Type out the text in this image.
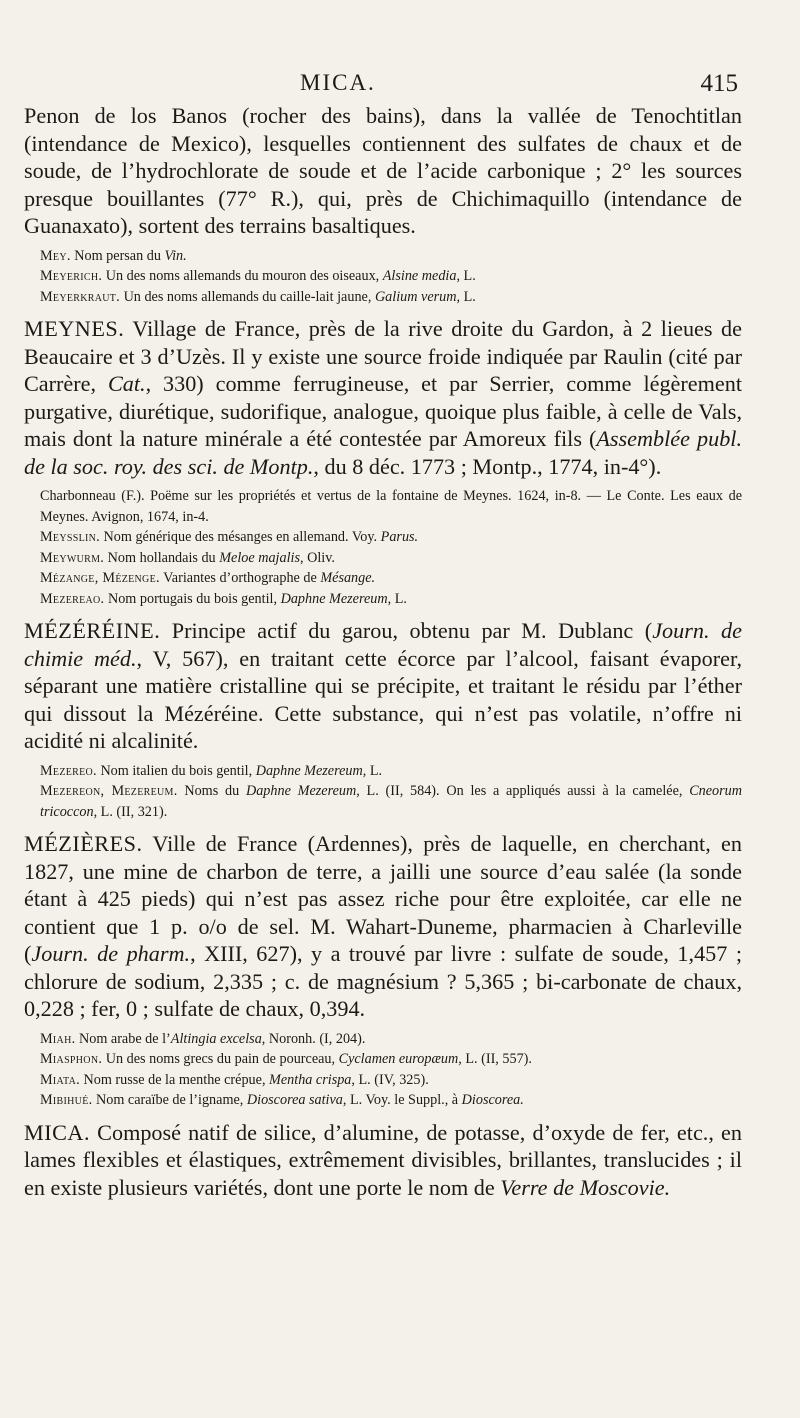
MICA.	415

Penon de los Banos (rocher des bains), dans la vallée de Tenochtitlan (intendance de Mexico), lesquelles contiennent des sulfates de chaux et de soude, de l’hydrochlorate de soude et de l’acide carbonique ; 2° les sources presque bouillantes (77° R.), qui, près de Chichimaquillo (intendance de Guanaxato), sortent des terrains basaltiques.

Mey. Nom persan du Vin.

Meyerich. Un des noms allemands du mouron des oiseaux, Alsine media, L.

Meyerkraut. Un des noms allemands du caille-lait jaune, Galium verum, L.

MEYNES. Village de France, près de la rive droite du Gardon, à 2 lieues de Beaucaire et 3 d’Uzès. Il y existe une source froide indiquée par Raulin (cité par Carrère, Cat., 330) comme ferrugineuse, et par Serrier, comme légèrement purgative, diurétique, sudorifique, analogue, quoique plus faible, à celle de Vals, mais dont la nature minérale a été contestée par Amoreux fils (Assemblée publ. de la soc. roy. des sci. de Montp., du 8 déc. 1773 ; Montp., 1774, in-4°).

Charbonneau (F.). Poëme sur les propriétés et vertus de la fontaine de Meynes. 1624, in-8. — Le Conte. Les eaux de Meynes. Avignon, 1674, in-4.

Meysslin. Nom générique des mésanges en allemand. Voy. Parus.

Meywurm. Nom hollandais du Meloe majalis, Oliv.

Mézange, Mézenge. Variantes d’orthographe de Mésange.

Mezereao. Nom portugais du bois gentil, Daphne Mezereum, L.

MÉZÉRÉINE. Principe actif du garou, obtenu par M. Dublanc (Journ. de chimie méd., V, 567), en traitant cette écorce par l’alcool, faisant évaporer, séparant une matière cristalline qui se précipite, et traitant le résidu par l’éther qui dissout la Mézéréine. Cette substance, qui n’est pas volatile, n’offre ni acidité ni alcalinité.

Mezereo. Nom italien du bois gentil, Daphne Mezereum, L.

Mezereon, Mezereum. Noms du Daphne Mezereum, L. (II, 584). On les a appliqués aussi à la camelée, Cneorum tricoccon, L. (II, 321).

MÉZIÈRES. Ville de France (Ardennes), près de laquelle, en cherchant, en 1827, une mine de charbon de terre, a jailli une source d’eau salée (la sonde étant à 425 pieds) qui n’est pas assez riche pour être exploitée, car elle ne contient que 1 p. o/o de sel. M. Wahart-Duneme, pharmacien à Charleville (Journ. de pharm., XIII, 627), y a trouvé par livre : sulfate de soude, 1,457 ; chlorure de sodium, 2,335 ; c. de magnésium ? 5,365 ; bi-carbonate de chaux, 0,228 ; fer, 0 ; sulfate de chaux, 0,394.

Miah. Nom arabe de l’Altingia excelsa, Noronh. (I, 204).

Miasphon. Un des noms grecs du pain de pourceau, Cyclamen europæum, L. (II, 557).

Miata. Nom russe de la menthe crépue, Mentha crispa, L. (IV, 325).

Mibihué. Nom caraïbe de l’igname, Dioscorea sativa, L. Voy. le Suppl., à Dioscorea.

MICA. Composé natif de silice, d’alumine, de potasse, d’oxyde de fer, etc., en lames flexibles et élastiques, extrêmement divisibles, brillantes, translucides ; il en existe plusieurs variétés, dont une porte le nom de Verre de Moscovie.
